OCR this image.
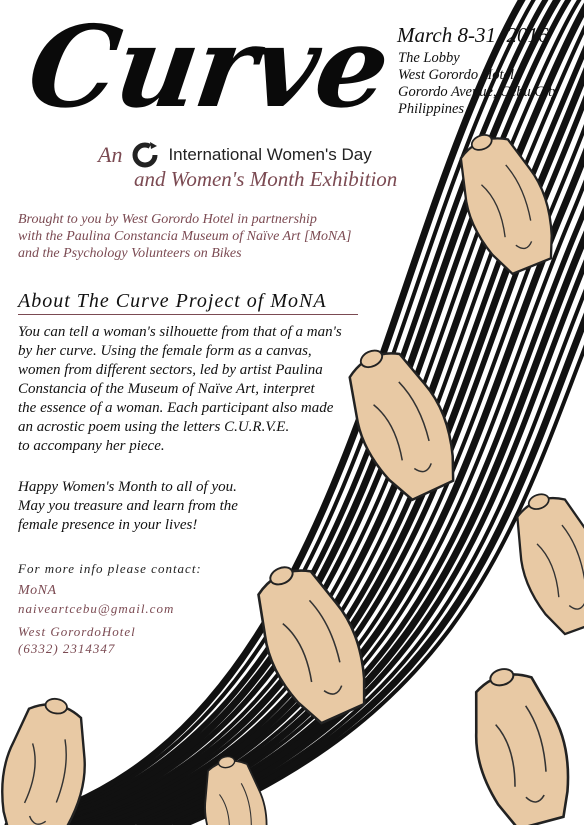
Curve
An	International Women's Day
and Women's Month Exhibition
March 8-31, 2016
The Lobby
West Gorordo Hotel
Gorordo Avenue, Cebu City
Philippines
Brought to you by West Gorordo Hotel in partnership
with the Paulina Constancia Museum of Naïve Art [MoNA]
and the Psychology Volunteers on Bikes
About The Curve Project of MoNA
You can tell a woman's silhouette from that of a man's
by her curve. Using the female form as a canvas,
women from different sectors, led by artist Paulina
Constancia of the Museum of Naïve Art, interpret
the essence of a woman. Each participant also made
an acrostic poem using the letters C.U.R.V.E.
to accompany her piece.
Happy Women's Month to all of you.
May you treasure and learn from the
female presence in your lives!
For more info please contact:
MoNA
naiveartcebu@gmail.com
West GorordoHotel
(6332) 2314347
